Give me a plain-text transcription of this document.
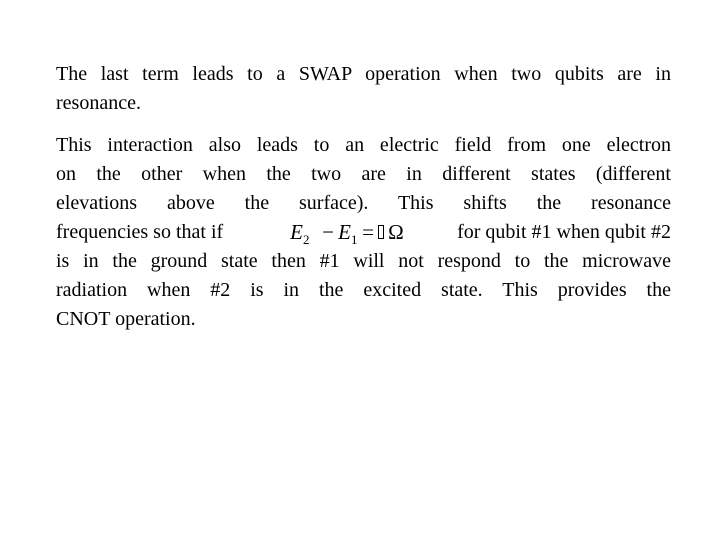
The last term leads to a SWAP operation when two qubits are in
resonance.

This interaction also leads to an electric field from one electron
on the other when the two are in different states (different
elevations above the surface). This shifts the resonance
frequencies so that if	$E_2 - E_1 = \Omega$	for qubit #1 when qubit #2
is in the ground state then #1 will not respond to the microwave
radiation when #2 is in the excited state. This provides the
CNOT operation.
